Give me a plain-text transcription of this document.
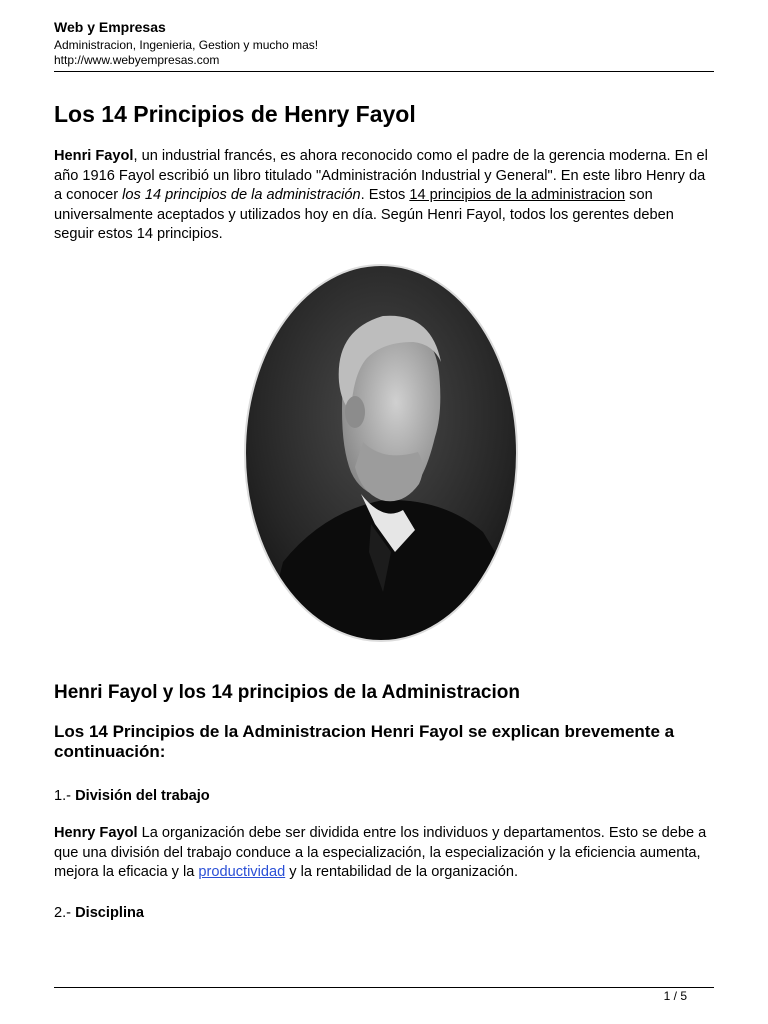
Web y Empresas
Administracion, Ingenieria, Gestion y mucho mas!
http://www.webyempresas.com
Los 14 Principios de Henry Fayol

Henri Fayol, un industrial francés, es ahora reconocido como el padre de la gerencia moderna. En el año 1916 Fayol escribió un libro titulado "Administración Industrial y General". En este libro Henry da a conocer los 14 principios de la administración. Estos 14 principios de la administracion son universalmente aceptados y utilizados hoy en día. Según Henri Fayol, todos los gerentes deben seguir estos 14 principios.

Henri Fayol y los 14 principios de la Administracion
Los 14 Principios de la Administracion Henri Fayol se explican brevemente a continuación:
1.- División del trabajo

Henry Fayol La organización debe ser dividida entre los individuos y departamentos. Esto se debe a que una división del trabajo conduce a la especialización, la especialización y la eficiencia aumenta, mejora la eficacia y la productividad y la rentabilidad de la organización.

2.- Disciplina
1 / 5
